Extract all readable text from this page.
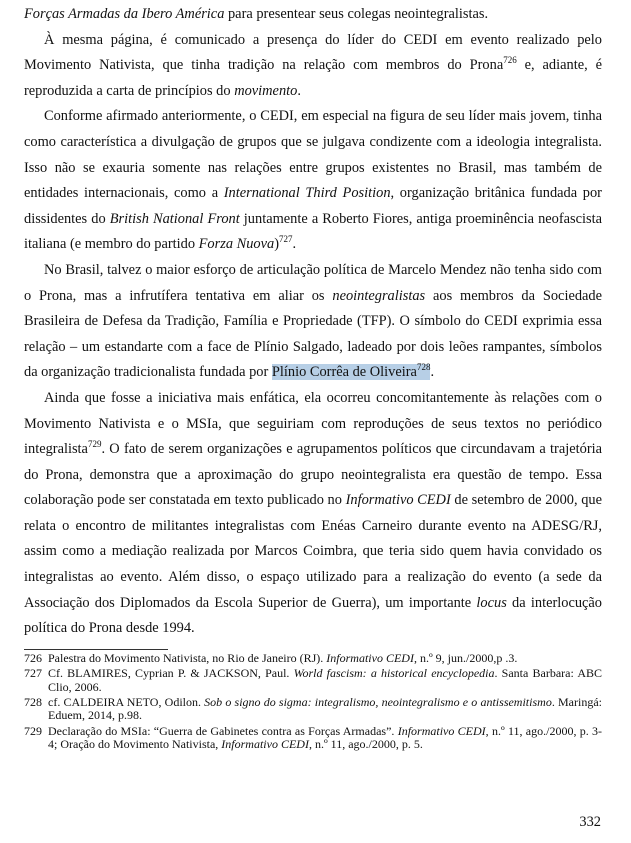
Forças Armadas da Ibero América para presentear seus colegas neointegralistas.

À mesma página, é comunicado a presença do líder do CEDI em evento realizado pelo Movimento Nativista, que tinha tradição na relação com membros do Prona$^{726}$ e, adiante, é reproduzida a carta de princípios do movimento.

Conforme afirmado anteriormente, o CEDI, em especial na figura de seu líder mais jovem, tinha como característica a divulgação de grupos que se julgava condizente com a ideologia integralista. Isso não se exauria somente nas relações entre grupos existentes no Brasil, mas também de entidades internacionais, como a International Third Position, organização britânica fundada por dissidentes do British National Front juntamente a Roberto Fiores, antiga proeminência neofascista italiana (e membro do partido Forza Nuova)$^{727}$.

No Brasil, talvez o maior esforço de articulação política de Marcelo Mendez não tenha sido com o Prona, mas a infrutífera tentativa em aliar os neointegralistas aos membros da Sociedade Brasileira de Defesa da Tradição, Família e Propriedade (TFP). O símbolo do CEDI exprimia essa relação – um estandarte com a face de Plínio Salgado, ladeado por dois leões rampantes, símbolos da organização tradicionalista fundada por Plínio Corrêa de Oliveira$^{728}$.

Ainda que fosse a iniciativa mais enfática, ela ocorreu concomitantemente às relações com o Movimento Nativista e o MSIa, que seguiriam com reproduções de seus textos no periódico integralista$^{729}$. O fato de serem organizações e agrupamentos políticos que circundavam a trajetória do Prona, demonstra que a aproximação do grupo neointegralista era questão de tempo. Essa colaboração pode ser constatada em texto publicado no Informativo CEDI de setembro de 2000, que relata o encontro de militantes integralistas com Enéas Carneiro durante evento na ADESG/RJ, assim como a mediação realizada por Marcos Coimbra, que teria sido quem havia convidado os integralistas ao evento. Além disso, o espaço utilizado para a realização do evento (a sede da Associação dos Diplomados da Escola Superior de Guerra), um importante locus da interlocução política do Prona desde 1994.

726 Palestra do Movimento Nativista, no Rio de Janeiro (RJ). Informativo CEDI, n.º 9, jun./2000,p .3.

727 Cf. BLAMIRES, Cyprian P. & JACKSON, Paul. World fascism: a historical encyclopedia. Santa Barbara: ABC Clio, 2006.

728 cf. CALDEIRA NETO, Odilon. Sob o signo do sigma: integralismo, neointegralismo e o antissemitismo. Maringá: Eduem, 2014, p.98.

729 Declaração do MSIa: “Guerra de Gabinetes contra as Forças Armadas”. Informativo CEDI, n.º 11, ago./2000, p. 3-4; Oração do Movimento Nativista, Informativo CEDI, n.º 11, ago./2000, p. 5.

332
